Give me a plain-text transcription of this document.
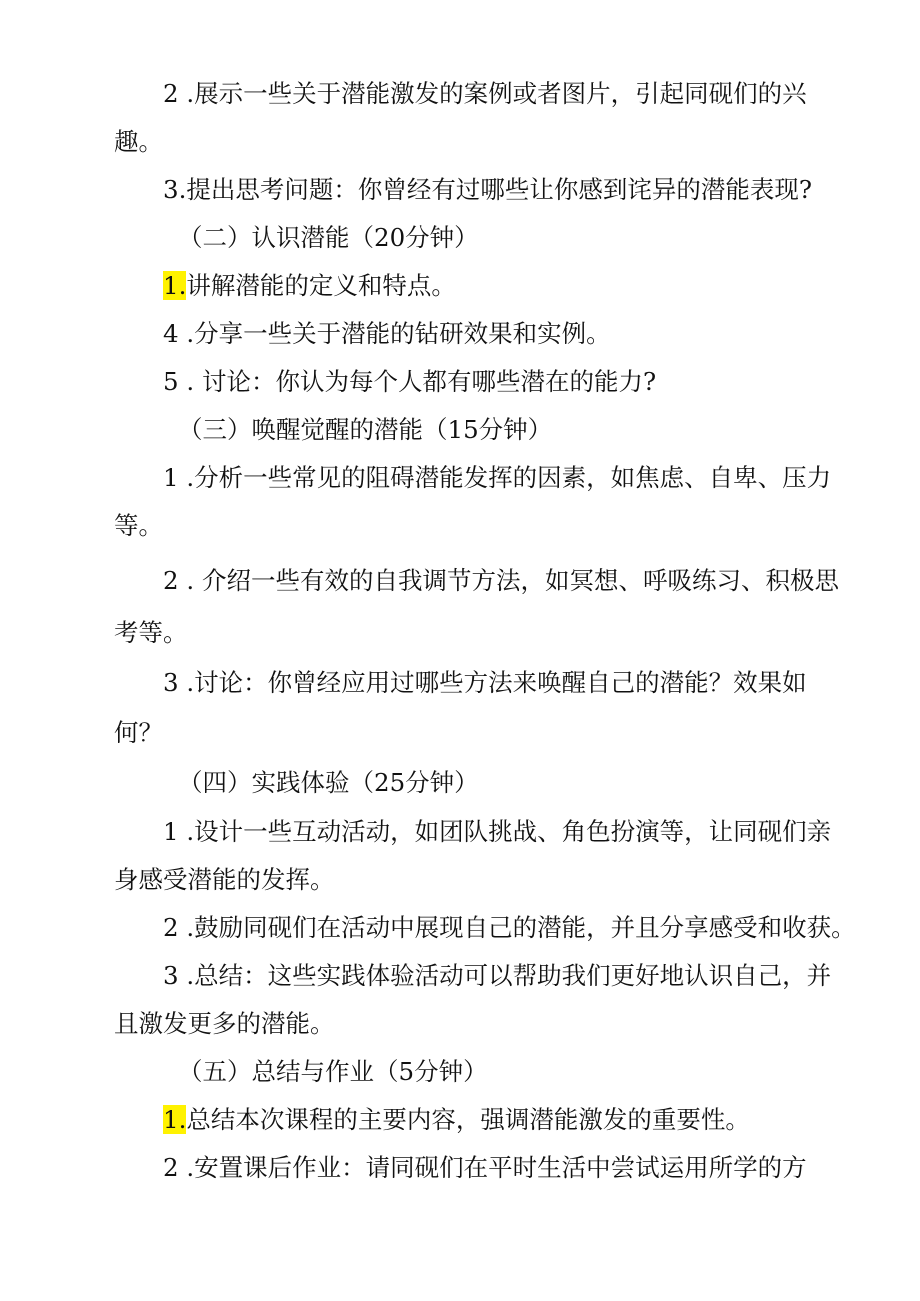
2 .展示一些关于潜能激发的案例或者图片，引起同砚们的兴
趣。
3.提出思考问题：你曾经有过哪些让你感到诧异的潜能表现?
（二）认识潜能（20分钟）
1.讲解潜能的定义和特点。
4 .分享一些关于潜能的钻研效果和实例。
5 . 讨论：你认为每个人都有哪些潜在的能力?
（三）唤醒觉醒的潜能（15分钟）
1 .分析一些常见的阻碍潜能发挥的因素，如焦虑、自卑、压力
等。
2 . 介绍一些有效的自我调节方法，如冥想、呼吸练习、积极思
考等。
3 .讨论：你曾经应用过哪些方法来唤醒自己的潜能？效果如
何？
（四）实践体验（25分钟）
1 .设计一些互动活动，如团队挑战、角色扮演等，让同砚们亲
身感受潜能的发挥。
2 .鼓励同砚们在活动中展现自己的潜能，并且分享感受和收获。
3 .总结：这些实践体验活动可以帮助我们更好地认识自己，并
且激发更多的潜能。
（五）总结与作业（5分钟）
1.总结本次课程的主要内容，强调潜能激发的重要性。
2 .安置课后作业：请同砚们在平时生活中尝试运用所学的方
